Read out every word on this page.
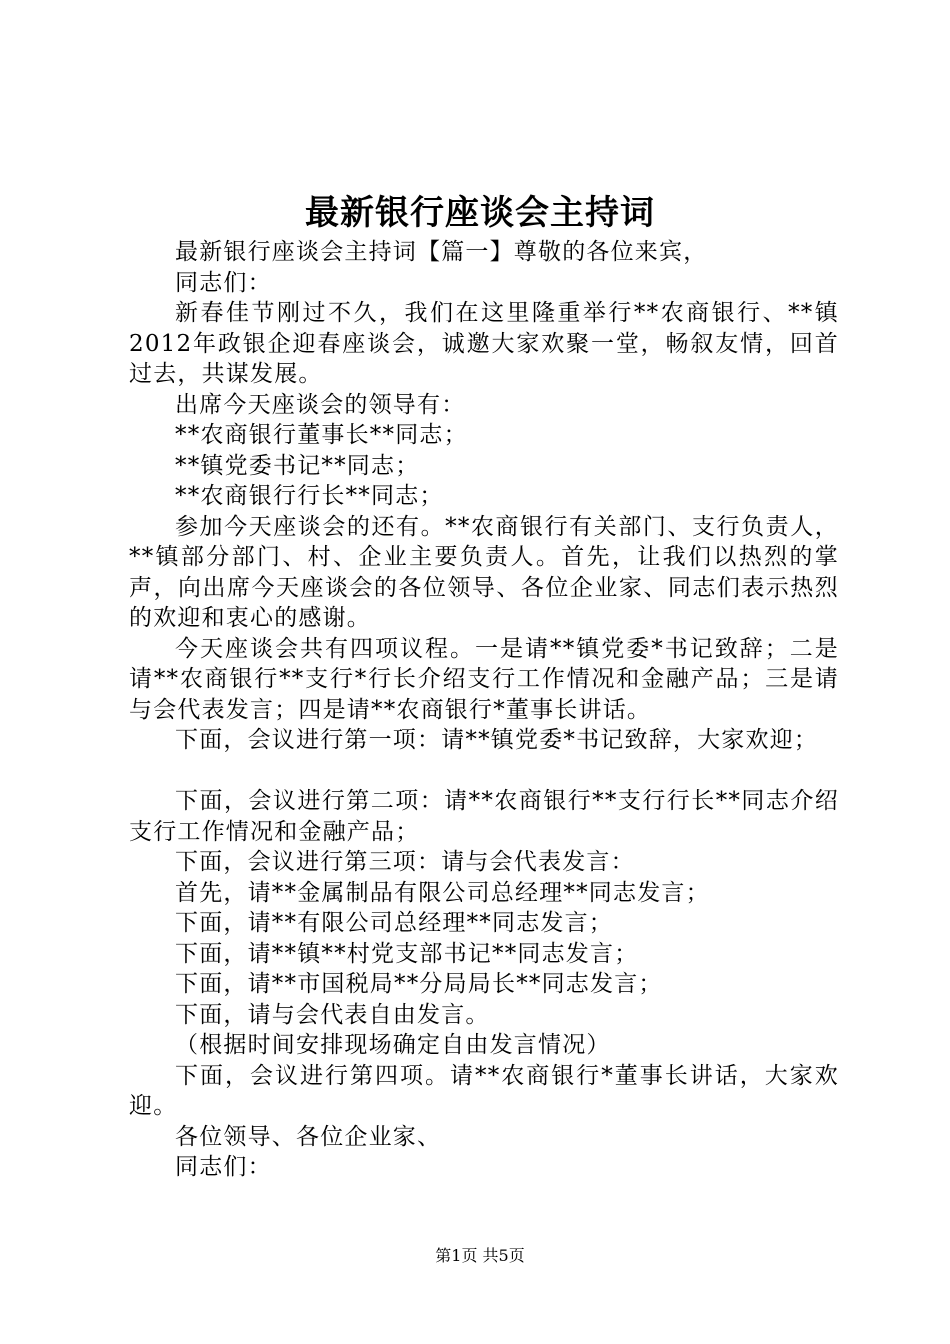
最新银行座谈会主持词

最新银行座谈会主持词【篇一】尊敬的各位来宾，

同志们：

新春佳节刚过不久，我们在这里隆重举行**农商银行、**镇2012年政银企迎春座谈会，诚邀大家欢聚一堂，畅叙友情，回首过去，共谋发展。

出席今天座谈会的领导有：

**农商银行董事长**同志；

**镇党委书记**同志；

**农商银行行长**同志；

参加今天座谈会的还有。**农商银行有关部门、支行负责人，**镇部分部门、村、企业主要负责人。首先，让我们以热烈的掌声，向出席今天座谈会的各位领导、各位企业家、同志们表示热烈的欢迎和衷心的感谢。

今天座谈会共有四项议程。一是请**镇党委*书记致辞；二是请**农商银行**支行*行长介绍支行工作情况和金融产品；三是请与会代表发言；四是请**农商银行*董事长讲话。

下面，会议进行第一项：请**镇党委*书记致辞，大家欢迎；

下面，会议进行第二项：请**农商银行**支行行长**同志介绍支行工作情况和金融产品；

下面，会议进行第三项：请与会代表发言：

首先，请**金属制品有限公司总经理**同志发言；

下面，请**有限公司总经理**同志发言；

下面，请**镇**村党支部书记**同志发言；

下面，请**市国税局**分局局长**同志发言；

下面，请与会代表自由发言。

（根据时间安排现场确定自由发言情况）

下面，会议进行第四项。请**农商银行*董事长讲话，大家欢迎。

各位领导、各位企业家、

同志们：

第1页 共5页
